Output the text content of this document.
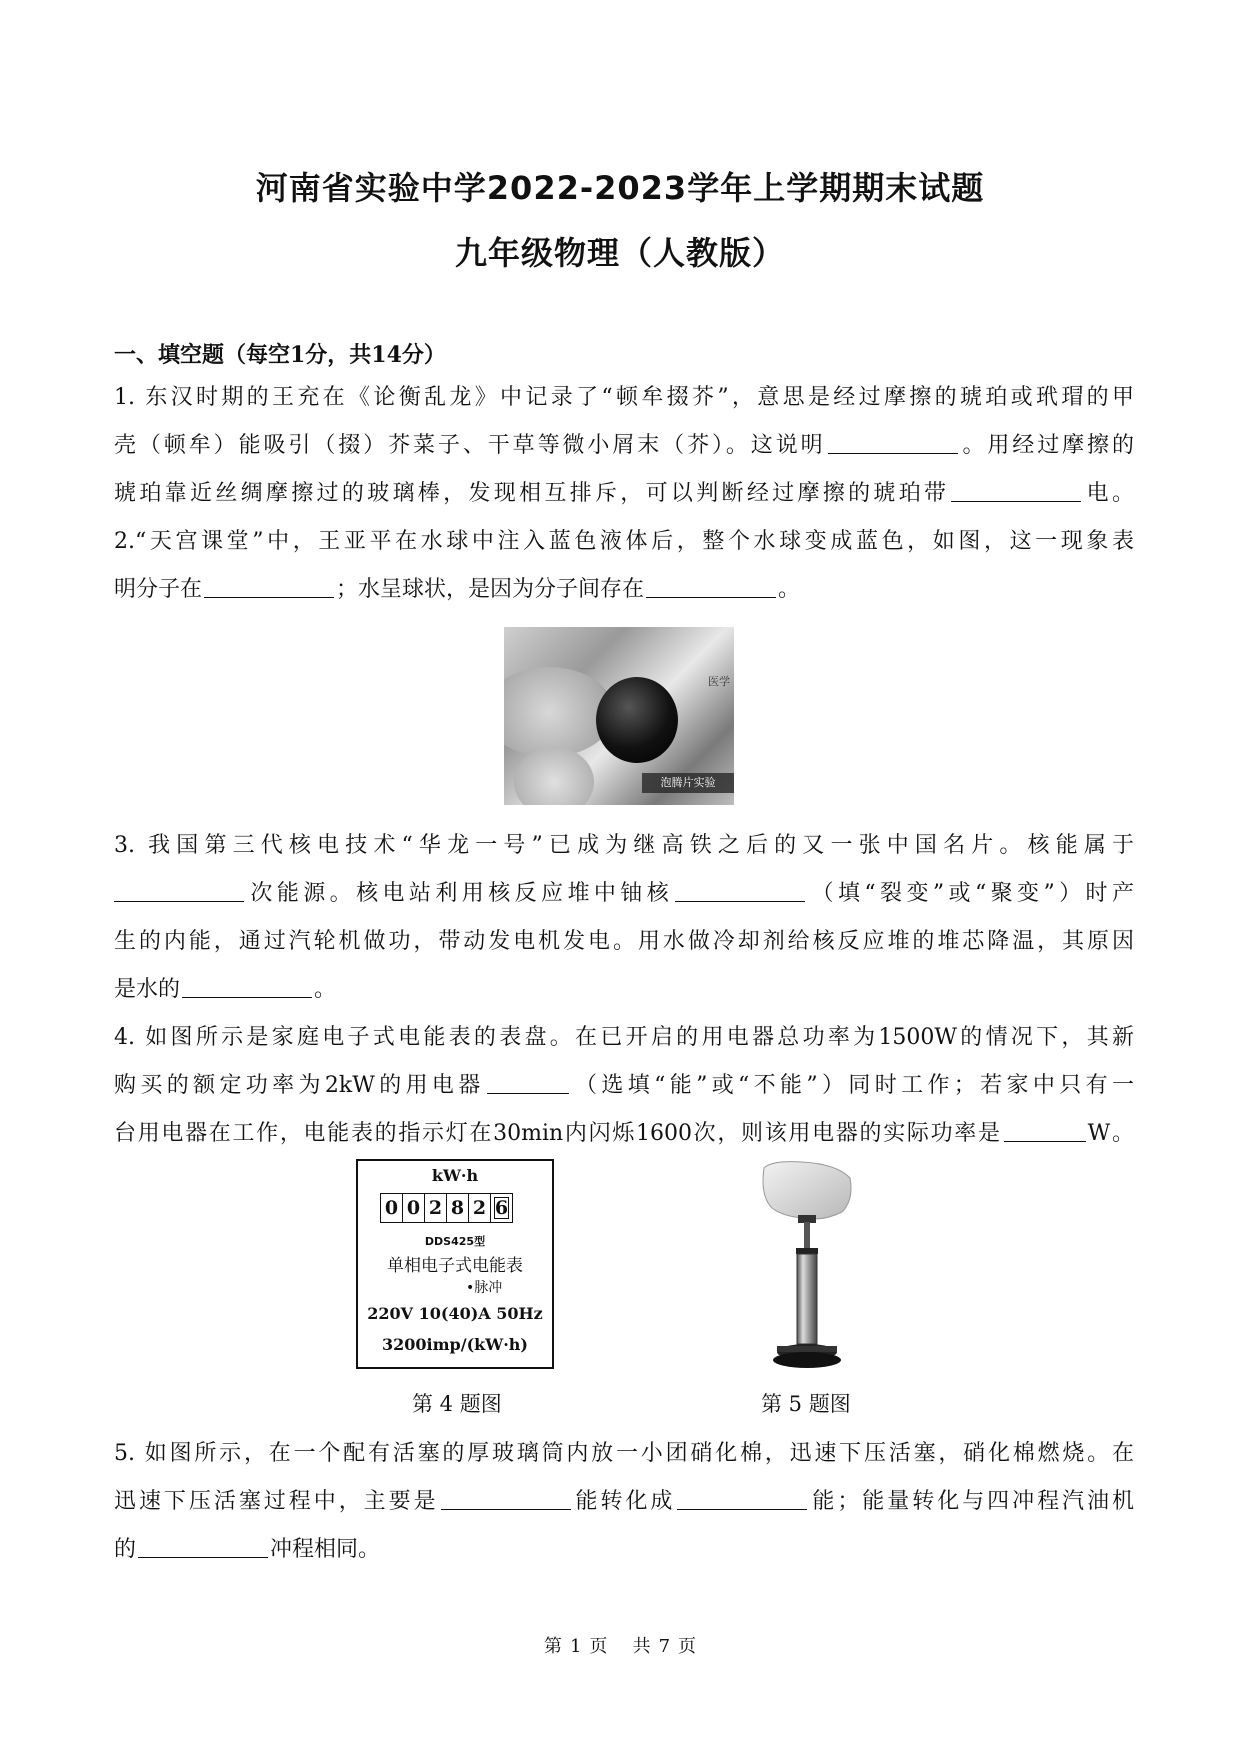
河南省实验中学2022-2023学年上学期期末试题
九年级物理（人教版）
一、填空题（每空1分，共14分）
1. 东汉时期的王充在《论衡乱龙》中记录了“顿牟掇芥”，意思是经过摩擦的琥珀或玳瑁的甲
壳（顿牟）能吸引（掇）芥菜子、干草等微小屑末（芥）。这说明	。用经过摩擦的
琥珀靠近丝绸摩擦过的玻璃棒，发现相互排斥，可以判断经过摩擦的琥珀带	电。
2.“天宫课堂”中，王亚平在水球中注入蓝色液体后，整个水球变成蓝色，如图，这一现象表
明分子在	；水呈球状，是因为分子间存在	。
医学
泡腾片实验
3. 我国第三代核电技术“华龙一号”已成为继高铁之后的又一张中国名片。核能属于
次能源。核电站利用核反应堆中铀核	（填“裂变”或“聚变”）时产
生的内能，通过汽轮机做功，带动发电机发电。用水做冷却剂给核反应堆的堆芯降温，其原因
是水的	。
4. 如图所示是家庭电子式电能表的表盘。在已开启的用电器总功率为1500W的情况下，其新
购买的额定功率为2kW的用电器	（选填“能”或“不能”）同时工作；若家中只有一
台用电器在工作，电能表的指示灯在30min内闪烁1600次，则该用电器的实际功率是	W。
kW·h
0 0 2 8 2 6
DDS425型
单相电子式电能表
•脉冲
220V 10(40)A 50Hz
3200imp/(kW·h)
第 4 题图	第 5 题图
5. 如图所示，在一个配有活塞的厚玻璃筒内放一小团硝化棉，迅速下压活塞，硝化棉燃烧。在
迅速下压活塞过程中，主要是	能转化成	能；能量转化与四冲程汽油机
的	冲程相同。
第 1 页 共 7 页
